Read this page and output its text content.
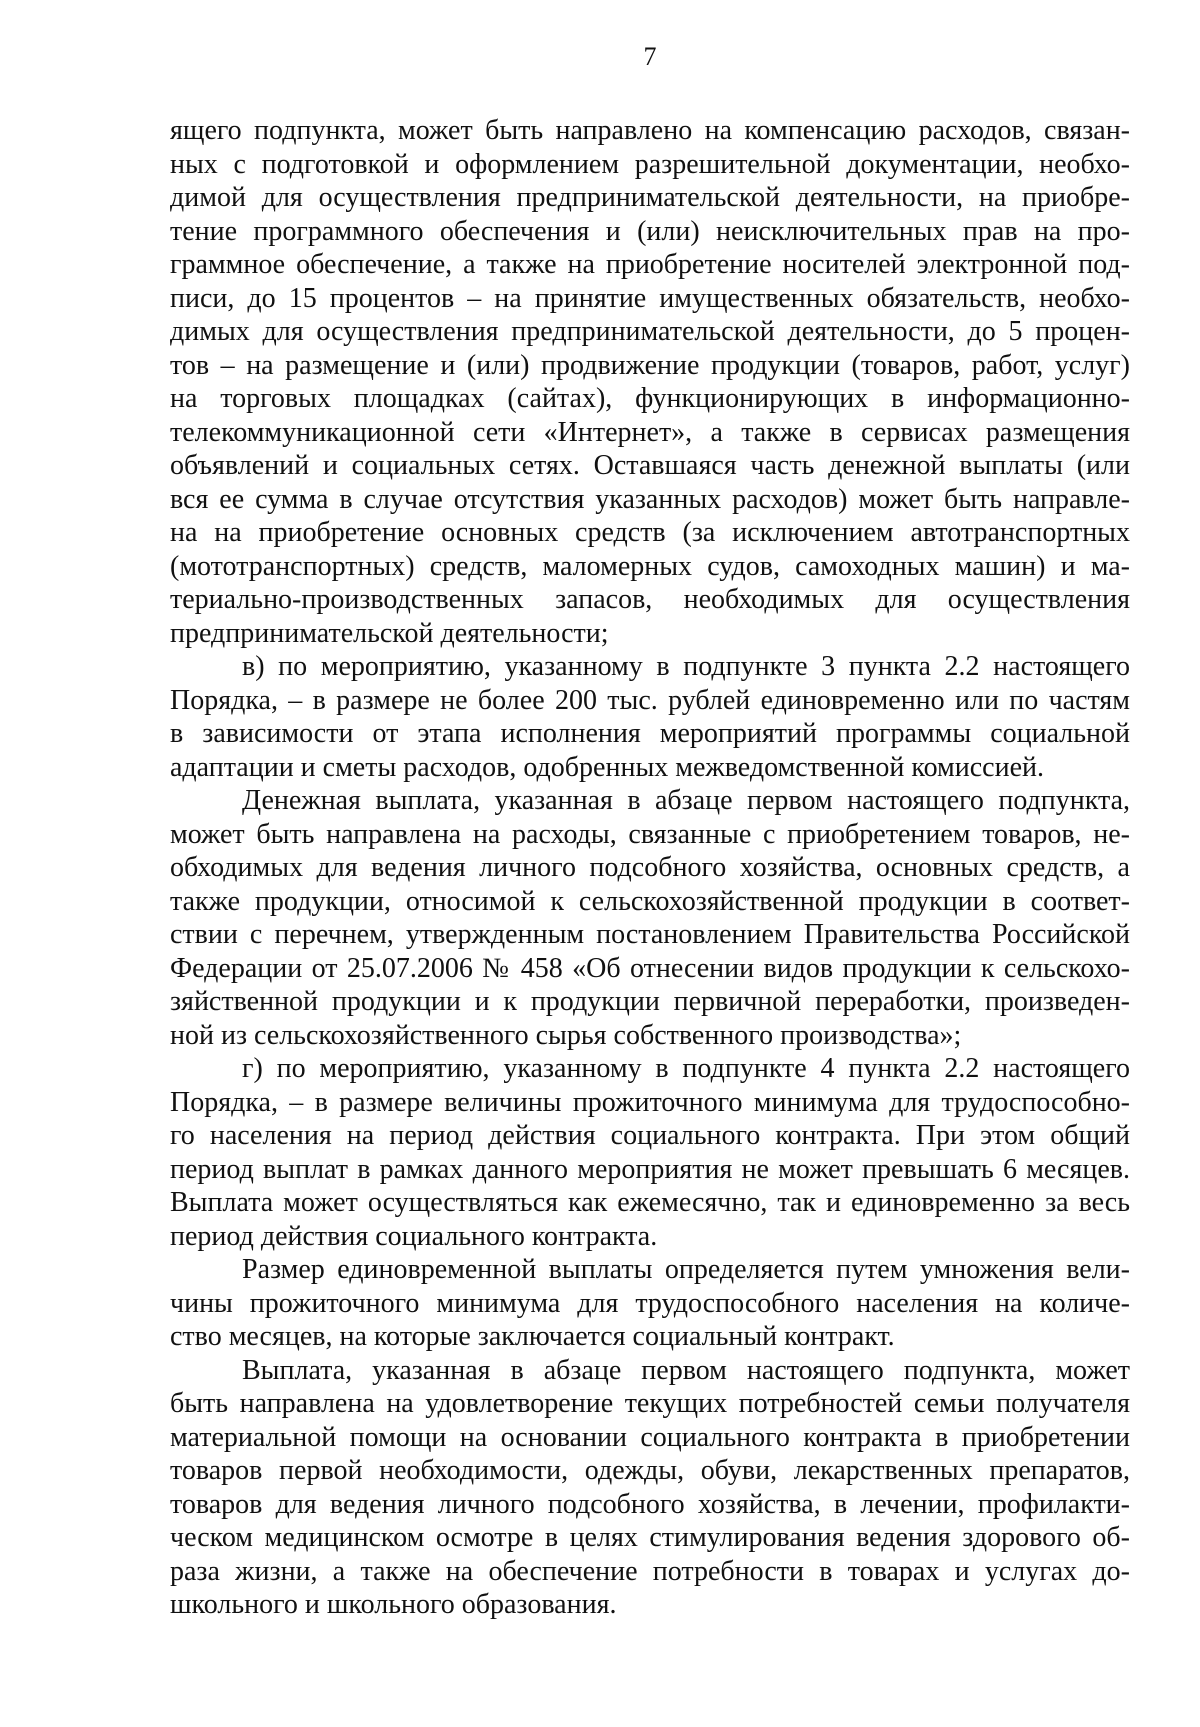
7
ящего подпункта, может быть направлено на компенсацию расходов, связан-
ных с подготовкой и оформлением разрешительной документации, необхо-
димой для осуществления предпринимательской деятельности, на приобре-
тение программного обеспечения и (или) неисключительных прав на про-
граммное обеспечение, а также на приобретение носителей электронной под-
писи, до 15 процентов – на принятие имущественных обязательств, необхо-
димых для осуществления предпринимательской деятельности, до 5 процен-
тов – на размещение и (или) продвижение продукции (товаров, работ, услуг)
на торговых площадках (сайтах), функционирующих в информационно-
телекоммуникационной сети «Интернет», а также в сервисах размещения
объявлений и социальных сетях. Оставшаяся часть денежной выплаты (или
вся ее сумма в случае отсутствия указанных расходов) может быть направле-
на на приобретение основных средств (за исключением автотранспортных
(мототранспортных) средств, маломерных судов, самоходных машин) и ма-
териально-производственных запасов, необходимых для осуществления
предпринимательской деятельности;
в) по мероприятию, указанному в подпункте 3 пункта 2.2 настоящего
Порядка, – в размере не более 200 тыс. рублей единовременно или по частям
в зависимости от этапа исполнения мероприятий программы социальной
адаптации и сметы расходов, одобренных межведомственной комиссией.
Денежная выплата, указанная в абзаце первом настоящего подпункта,
может быть направлена на расходы, связанные с приобретением товаров, не-
обходимых для ведения личного подсобного хозяйства, основных средств, а
также продукции, относимой к сельскохозяйственной продукции в соответ-
ствии с перечнем, утвержденным постановлением Правительства Российской
Федерации от 25.07.2006 № 458 «Об отнесении видов продукции к сельскохо-
зяйственной продукции и к продукции первичной переработки, произведен-
ной из сельскохозяйственного сырья собственного производства»;
г) по мероприятию, указанному в подпункте 4 пункта 2.2 настоящего
Порядка, – в размере величины прожиточного минимума для трудоспособно-
го населения на период действия социального контракта. При этом общий
период выплат в рамках данного мероприятия не может превышать 6 месяцев.
Выплата может осуществляться как ежемесячно, так и единовременно за весь
период действия социального контракта.
Размер единовременной выплаты определяется путем умножения вели-
чины прожиточного минимума для трудоспособного населения на количе-
ство месяцев, на которые заключается социальный контракт.
Выплата, указанная в абзаце первом настоящего подпункта, может
быть направлена на удовлетворение текущих потребностей семьи получателя
материальной помощи на основании социального контракта в приобретении
товаров первой необходимости, одежды, обуви, лекарственных препаратов,
товаров для ведения личного подсобного хозяйства, в лечении, профилакти-
ческом медицинском осмотре в целях стимулирования ведения здорового об-
раза жизни, а также на обеспечение потребности в товарах и услугах до-
школьного и школьного образования.
